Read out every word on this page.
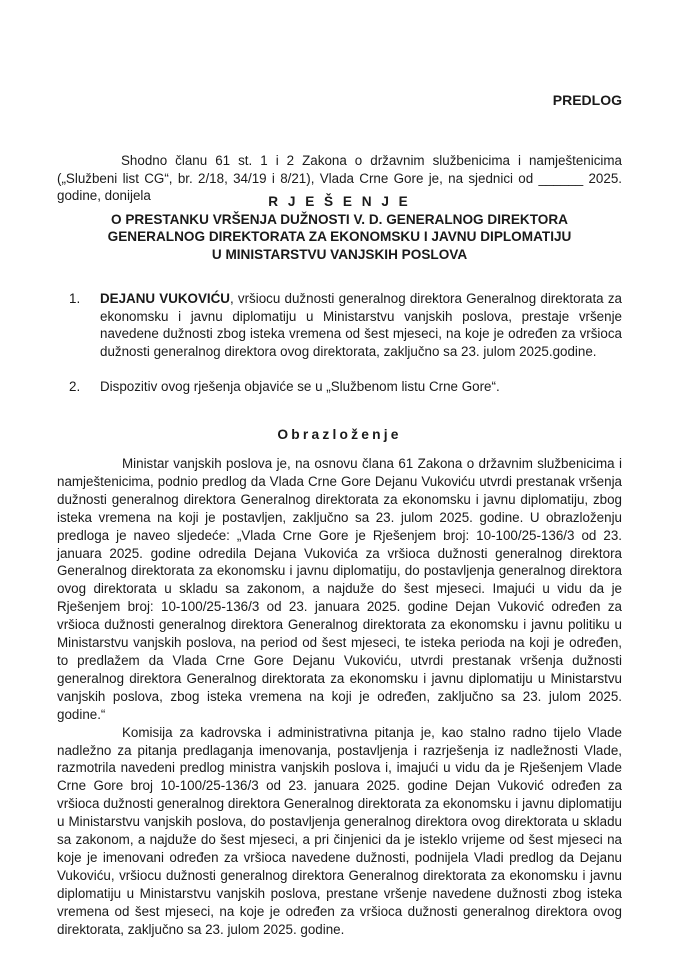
PREDLOG
Shodno članu 61 st. 1 i 2 Zakona o državnim službenicima i namještenicima („Službeni list CG“, br. 2/18, 34/19 i 8/21), Vlada Crne Gore je, na sjednici od ______ 2025. godine, donijela	R J E Š E N J E
O PRESTANKU VRŠENJA DUŽNOSTI V. D. GENERALNOG DIREKTORA
GENERALNOG DIREKTORATA ZA EKONOMSKU I JAVNU DIPLOMATIJU
U MINISTARSTVU VANJSKIH POSLOVA
1. DEJANU VUKOVIĆU, vršiocu dužnosti generalnog direktora Generalnog direktorata za ekonomsku i javnu diplomatiju u Ministarstvu vanjskih poslova, prestaje vršenje navedene dužnosti zbog isteka vremena od šest mjeseci, na koje je određen za vršioca dužnosti generalnog direktora ovog direktorata, zaključno sa 23. julom 2025.godine.
2. Dispozitiv ovog rješenja objaviće se u „Službenom listu Crne Gore“.
Obrazloženje

Ministar vanjskih poslova je, na osnovu člana 61 Zakona o državnim službenicima i namještenicima, podnio predlog da Vlada Crne Gore Dejanu Vukoviću utvrdi prestanak vršenja dužnosti generalnog direktora Generalnog direktorata za ekonomsku i javnu diplomatiju, zbog isteka vremena na koji je postavljen, zaključno sa 23. julom 2025. godine. U obrazloženju predloga je naveo sljedeće: „Vlada Crne Gore je Rješenjem broj: 10-100/25-136/3 od 23. januara 2025. godine odredila Dejana Vukovića za vršioca dužnosti generalnog direktora Generalnog direktorata za ekonomsku i javnu diplomatiju, do postavljenja generalnog direktora ovog direktorata u skladu sa zakonom, a najduže do šest mjeseci. Imajući u vidu da je Rješenjem broj: 10-100/25-136/3 od 23. januara 2025. godine Dejan Vuković određen za vršioca dužnosti generalnog direktora Generalnog direktorata za ekonomsku i javnu politiku u Ministarstvu vanjskih poslova, na period od šest mjeseci, te isteka perioda na koji je određen, to predlažem da Vlada Crne Gore Dejanu Vukoviću, utvrdi prestanak vršenja dužnosti generalnog direktora Generalnog direktorata za ekonomsku i javnu diplomatiju u Ministarstvu vanjskih poslova, zbog isteka vremena na koji je određen, zaključno sa 23. julom 2025. godine.“

Komisija za kadrovska i administrativna pitanja je, kao stalno radno tijelo Vlade nadležno za pitanja predlaganja imenovanja, postavljenja i razrješenja iz nadležnosti Vlade, razmotrila navedeni predlog ministra vanjskih poslova i, imajući u vidu da je Rješenjem Vlade Crne Gore broj 10-100/25-136/3 od 23. januara 2025. godine Dejan Vuković određen za vršioca dužnosti generalnog direktora Generalnog direktorata za ekonomsku i javnu diplomatiju u Ministarstvu vanjskih poslova, do postavljenja generalnog direktora ovog direktorata u skladu sa zakonom, a najduže do šest mjeseci, a pri činjenici da je isteklo vrijeme od šest mjeseci na koje je imenovani određen za vršioca navedene dužnosti, podnijela Vladi predlog da Dejanu Vukoviću, vršiocu dužnosti generalnog direktora Generalnog direktorata za ekonomsku i javnu diplomatiju u Ministarstvu vanjskih poslova, prestane vršenje navedene dužnosti zbog isteka vremena od šest mjeseci, na koje je određen za vršioca dužnosti generalnog direktora ovog direktorata, zaključno sa 23. julom 2025. godine.
